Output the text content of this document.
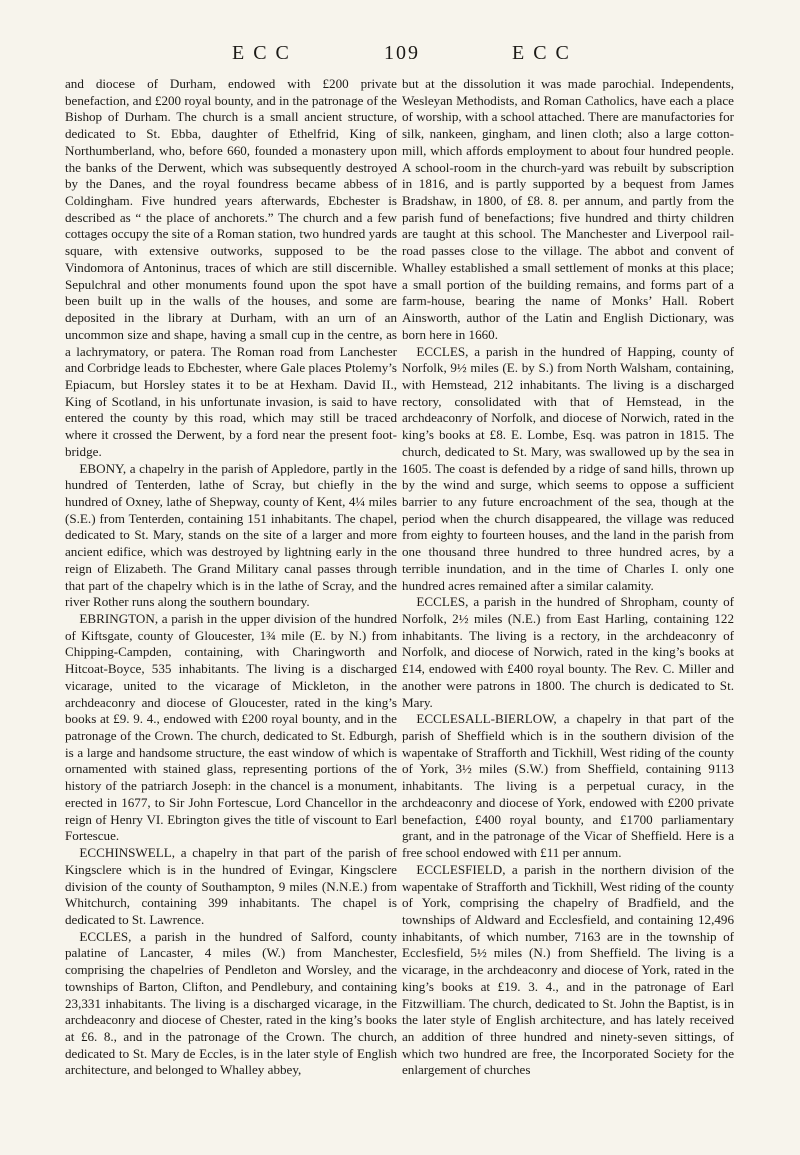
E C C	109	E C C

and diocese of Durham, endowed with £200 private benefaction, and £200 royal bounty, and in the patronage of the Bishop of Durham. The church is a small ancient structure, dedicated to St. Ebba, daughter of Ethelfrid, King of Northumberland, who, before 660, founded a monastery upon the banks of the Derwent, which was subsequently destroyed by the Danes, and the royal foundress became abbess of Coldingham. Five hundred years afterwards, Ebchester is described as “ the place of anchorets.” The church and a few cottages occupy the site of a Roman station, two hundred yards square, with extensive outworks, supposed to be the Vindomora of Antoninus, traces of which are still discernible. Sepulchral and other monuments found upon the spot have been built up in the walls of the houses, and some are deposited in the library at Durham, with an urn of an uncommon size and shape, having a small cup in the centre, as a lachrymatory, or patera. The Roman road from Lanchester and Corbridge leads to Ebchester, where Gale places Ptolemy’s Epiacum, but Horsley states it to be at Hexham. David II., King of Scotland, in his unfortunate invasion, is said to have entered the county by this road, which may still be traced where it crossed the Derwent, by a ford near the present foot-bridge.

EBONY, a chapelry in the parish of Appledore, partly in the hundred of Tenterden, lathe of Scray, but chiefly in the hundred of Oxney, lathe of Shepway, county of Kent, 4¼ miles (S.E.) from Tenterden, containing 151 inhabitants. The chapel, dedicated to St. Mary, stands on the site of a larger and more ancient edifice, which was destroyed by lightning early in the reign of Elizabeth. The Grand Military canal passes through that part of the chapelry which is in the lathe of Scray, and the river Rother runs along the southern boundary.

EBRINGTON, a parish in the upper division of the hundred of Kiftsgate, county of Gloucester, 1¾ mile (E. by N.) from Chipping-Campden, containing, with Charingworth and Hitcoat-Boyce, 535 inhabitants. The living is a discharged vicarage, united to the vicarage of Mickleton, in the archdeaconry and diocese of Gloucester, rated in the king’s books at £9. 9. 4., endowed with £200 royal bounty, and in the patronage of the Crown. The church, dedicated to St. Edburgh, is a large and handsome structure, the east window of which is ornamented with stained glass, representing portions of the history of the patriarch Joseph: in the chancel is a monument, erected in 1677, to Sir John Fortescue, Lord Chancellor in the reign of Henry VI. Ebrington gives the title of viscount to Earl Fortescue.

ECCHINSWELL, a chapelry in that part of the parish of Kingsclere which is in the hundred of Evingar, Kingsclere division of the county of Southampton, 9 miles (N.N.E.) from Whitchurch, containing 399 inhabitants. The chapel is dedicated to St. Lawrence.

ECCLES, a parish in the hundred of Salford, county palatine of Lancaster, 4 miles (W.) from Manchester, comprising the chapelries of Pendleton and Worsley, and the townships of Barton, Clifton, and Pendlebury, and containing 23,331 inhabitants. The living is a discharged vicarage, in the archdeaconry and diocese of Chester, rated in the king’s books at £6. 8., and in the patronage of the Crown. The church, dedicated to St. Mary de Eccles, is in the later style of English architecture, and belonged to Whalley abbey,

but at the dissolution it was made parochial. Independents, Wesleyan Methodists, and Roman Catholics, have each a place of worship, with a school attached. There are manufactories for silk, nankeen, gingham, and linen cloth; also a large cotton-mill, which affords employment to about four hundred people. A school-room in the church-yard was rebuilt by subscription in 1816, and is partly supported by a bequest from James Bradshaw, in 1800, of £8. 8. per annum, and partly from the parish fund of benefactions; five hundred and thirty children are taught at this school. The Manchester and Liverpool rail-road passes close to the village. The abbot and convent of Whalley established a small settlement of monks at this place; a small portion of the building remains, and forms part of a farm-house, bearing the name of Monks’ Hall. Robert Ainsworth, author of the Latin and English Dictionary, was born here in 1660.

ECCLES, a parish in the hundred of Happing, county of Norfolk, 9½ miles (E. by S.) from North Walsham, containing, with Hemstead, 212 inhabitants. The living is a discharged rectory, consolidated with that of Hemstead, in the archdeaconry of Norfolk, and diocese of Norwich, rated in the king’s books at £8. E. Lombe, Esq. was patron in 1815. The church, dedicated to St. Mary, was swallowed up by the sea in 1605. The coast is defended by a ridge of sand hills, thrown up by the wind and surge, which seems to oppose a sufficient barrier to any future encroachment of the sea, though at the period when the church disappeared, the village was reduced from eighty to fourteen houses, and the land in the parish from one thousand three hundred to three hundred acres, by a terrible inundation, and in the time of Charles I. only one hundred acres remained after a similar calamity.

ECCLES, a parish in the hundred of Shropham, county of Norfolk, 2½ miles (N.E.) from East Harling, containing 122 inhabitants. The living is a rectory, in the archdeaconry of Norfolk, and diocese of Norwich, rated in the king’s books at £14, endowed with £400 royal bounty. The Rev. C. Miller and another were patrons in 1800. The church is dedicated to St. Mary.

ECCLESALL-BIERLOW, a chapelry in that part of the parish of Sheffield which is in the southern division of the wapentake of Strafforth and Tickhill, West riding of the county of York, 3½ miles (S.W.) from Sheffield, containing 9113 inhabitants. The living is a perpetual curacy, in the archdeaconry and diocese of York, endowed with £200 private benefaction, £400 royal bounty, and £1700 parliamentary grant, and in the patronage of the Vicar of Sheffield. Here is a free school endowed with £11 per annum.

ECCLESFIELD, a parish in the northern division of the wapentake of Strafforth and Tickhill, West riding of the county of York, comprising the chapelry of Bradfield, and the townships of Aldward and Ecclesfield, and containing 12,496 inhabitants, of which number, 7163 are in the township of Ecclesfield, 5½ miles (N.) from Sheffield. The living is a vicarage, in the archdeaconry and diocese of York, rated in the king’s books at £19. 3. 4., and in the patronage of Earl Fitzwilliam. The church, dedicated to St. John the Baptist, is in the later style of English architecture, and has lately received an addition of three hundred and ninety-seven sittings, of which two hundred are free, the Incorporated Society for the enlargement of churches
